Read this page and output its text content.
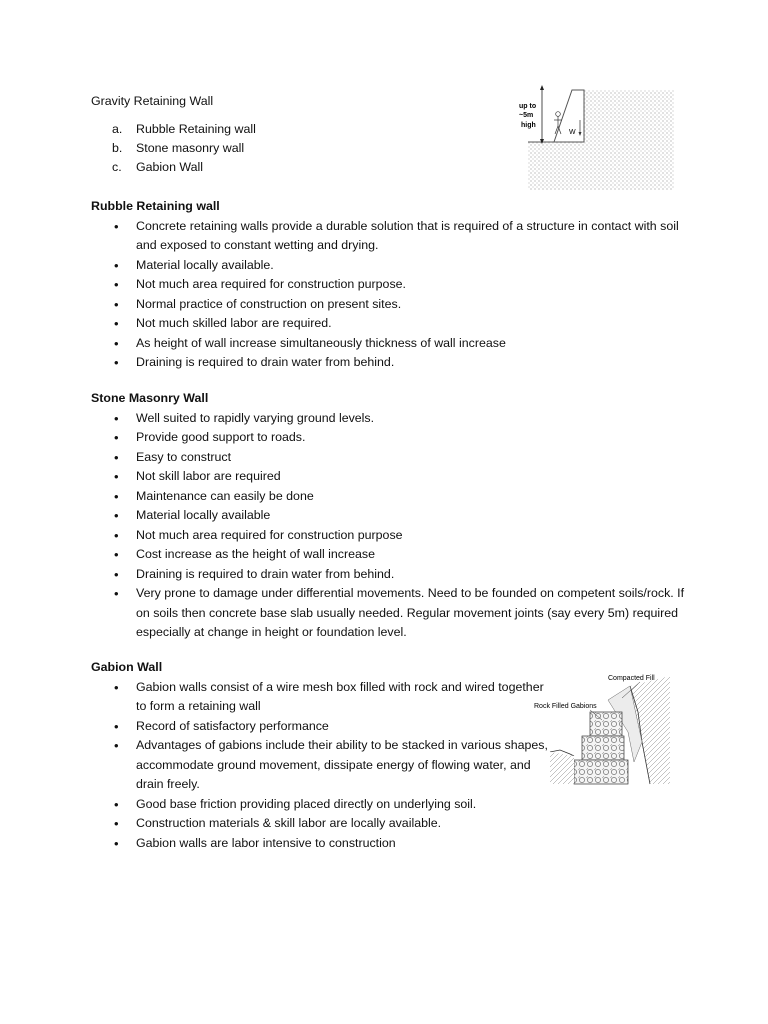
Gravity Retaining Wall
a. Rubble Retaining wall
b. Stone masonry wall
c. Gabion Wall
up to
~5m
high
W
Rubble Retaining wall
• Concrete retaining walls provide a durable solution that is required of a structure in contact with soil and exposed to constant wetting and drying.
• Material locally available.
• Not much area required for construction purpose.
• Normal practice of construction on present sites.
• Not much skilled labor are required.
• As height of wall increase simultaneously thickness of wall increase
• Draining is required to drain water from behind.
Stone Masonry Wall
• Well suited to rapidly varying ground levels.
• Provide good support to roads.
• Easy to construct
• Not skill labor are required
• Maintenance can easily be done
• Material locally available
• Not much area required for construction purpose
• Cost increase as the height of wall increase
• Draining is required to drain water from behind.
• Very prone to damage under differential movements. Need to be founded on competent soils/rock. If on soils then concrete base slab usually needed. Regular movement joints (say every 5m) required especially at change in height or foundation level.
Gabion Wall
• Gabion walls consist of a wire mesh box filled with rock and wired together to form a retaining wall
• Record of satisfactory performance
• Advantages of gabions include their ability to be stacked in various shapes, accommodate ground movement, dissipate energy of flowing water, and drain freely.
• Good base friction providing placed directly on underlying soil.
• Construction materials & skill labor are locally available.
• Gabion walls are labor intensive to construction
Compacted Fill
Rock Filled Gabions
